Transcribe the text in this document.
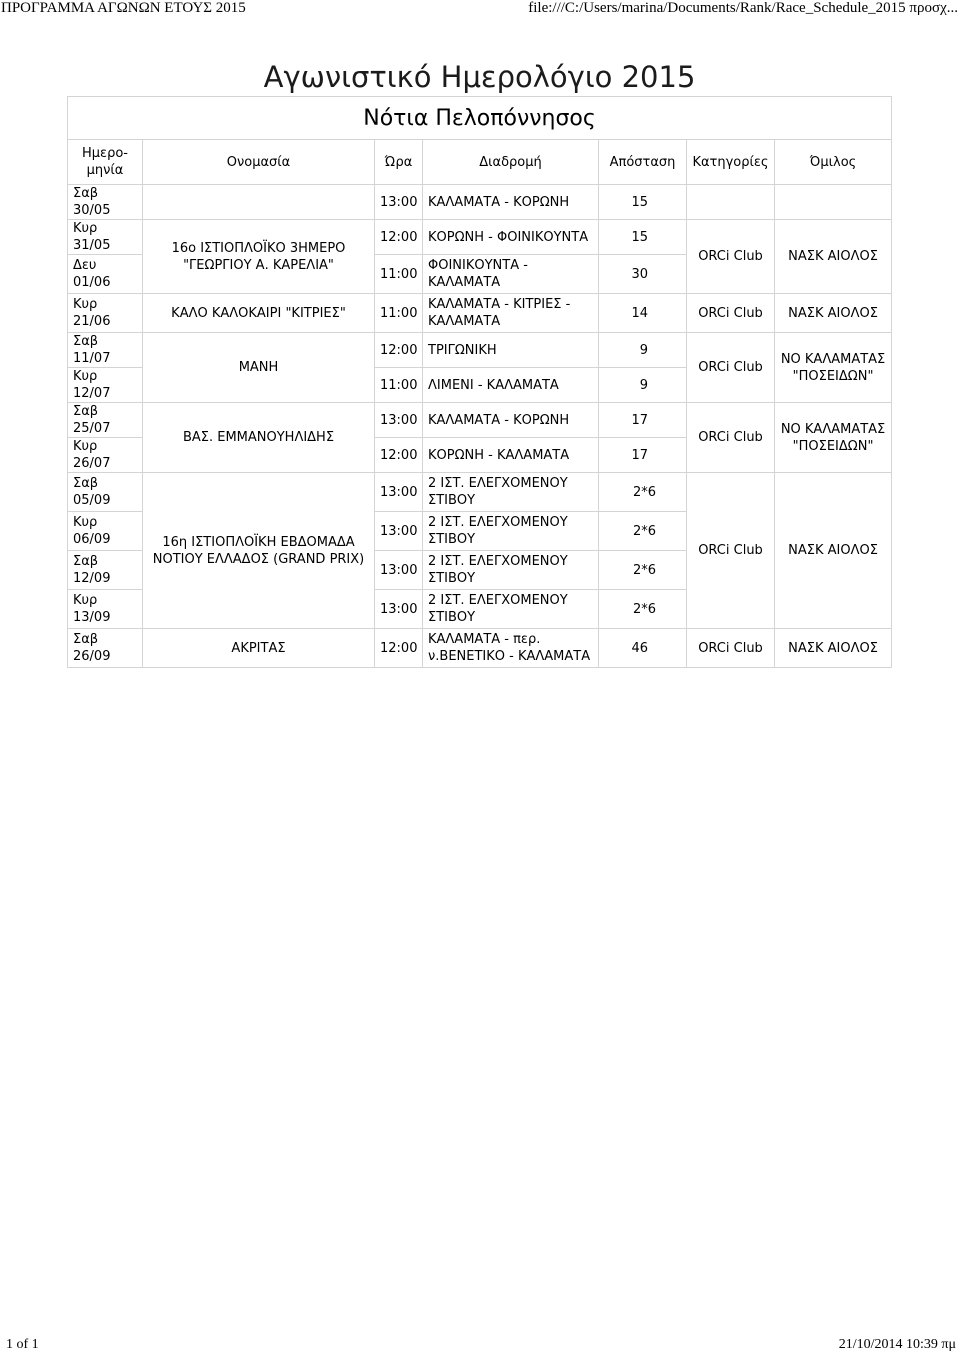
ΠΡΟΓΡΑΜΜΑ ΑΓΩΝΩΝ ΕΤΟΥΣ 2015	file:///C:/Users/marina/Documents/Rank/Race_Schedule_2015 προσχ...
Αγωνιστικό Ημερολόγιο 2015						
Νότια Πελοπόννησος						
Ημερο-
μηνία	Ονομασία	Ώρα	Διαδρομή	Απόσταση	Κατηγορίες	Όμιλος
Σαβ 30/05		13:00	ΚΑΛΑΜΑΤΑ - ΚΟΡΩΝΗ	15		
Κυρ 31/05	16ο ΙΣΤΙΟΠΛΟΪΚΟ 3ΗΜΕΡΟ "ΓΕΩΡΓΙΟΥ Α. ΚΑΡΕΛΙΑ"	12:00	ΚΟΡΩΝΗ - ΦΟΙΝΙΚΟΥΝΤΑ	15	ORCi Club	ΝΑΣΚ ΑΙΟΛΟΣ
Δευ 01/06		11:00	ΦΟΙΝΙΚΟΥΝΤΑ - ΚΑΛΑΜΑΤΑ	30		
Κυρ 21/06	ΚΑΛΟ ΚΑΛΟΚΑΙΡΙ "ΚΙΤΡΙΕΣ"	11:00	ΚΑΛΑΜΑΤΑ - ΚΙΤΡΙΕΣ - ΚΑΛΑΜΑΤΑ	14	ORCi Club	ΝΑΣΚ ΑΙΟΛΟΣ
Σαβ 11/07	ΜΑΝΗ	12:00	ΤΡΙΓΩΝΙΚΗ	9	ORCi Club	ΝΟ ΚΑΛΑΜΑΤΑΣ "ΠΟΣΕΙΔΩΝ"
Κυρ 12/07		11:00	ΛΙΜΕΝΙ - ΚΑΛΑΜΑΤΑ	9		
Σαβ 25/07	ΒΑΣ. ΕΜΜΑΝΟΥΗΛΙΔΗΣ	13:00	ΚΑΛΑΜΑΤΑ - ΚΟΡΩΝΗ	17	ORCi Club	ΝΟ ΚΑΛΑΜΑΤΑΣ "ΠΟΣΕΙΔΩΝ"
Κυρ 26/07		12:00	ΚΟΡΩΝΗ - ΚΑΛΑΜΑΤΑ	17		
Σαβ 05/09	16η ΙΣΤΙΟΠΛΟΪΚΗ ΕΒΔΟΜΑΔΑ ΝΟΤΙΟΥ ΕΛΛΑΔΟΣ (GRAND PRIX)	13:00	2 ΙΣΤ. ΕΛΕΓΧΟΜΕΝΟΥ ΣΤΙΒΟΥ	2*6	ORCi Club	ΝΑΣΚ ΑΙΟΛΟΣ
Κυρ 06/09		13:00	2 ΙΣΤ. ΕΛΕΓΧΟΜΕΝΟΥ ΣΤΙΒΟΥ	2*6		
Σαβ 12/09		13:00	2 ΙΣΤ. ΕΛΕΓΧΟΜΕΝΟΥ ΣΤΙΒΟΥ	2*6		
Κυρ 13/09		13:00	2 ΙΣΤ. ΕΛΕΓΧΟΜΕΝΟΥ ΣΤΙΒΟΥ	2*6		
Σαβ 26/09	ΑΚΡΙΤΑΣ	12:00	ΚΑΛΑΜΑΤΑ - περ. ν.ΒΕΝΕΤΙΚΟ - ΚΑΛΑΜΑΤΑ	46	ORCi Club	ΝΑΣΚ ΑΙΟΛΟΣ
1 of 1	21/10/2014 10:39 πμ
